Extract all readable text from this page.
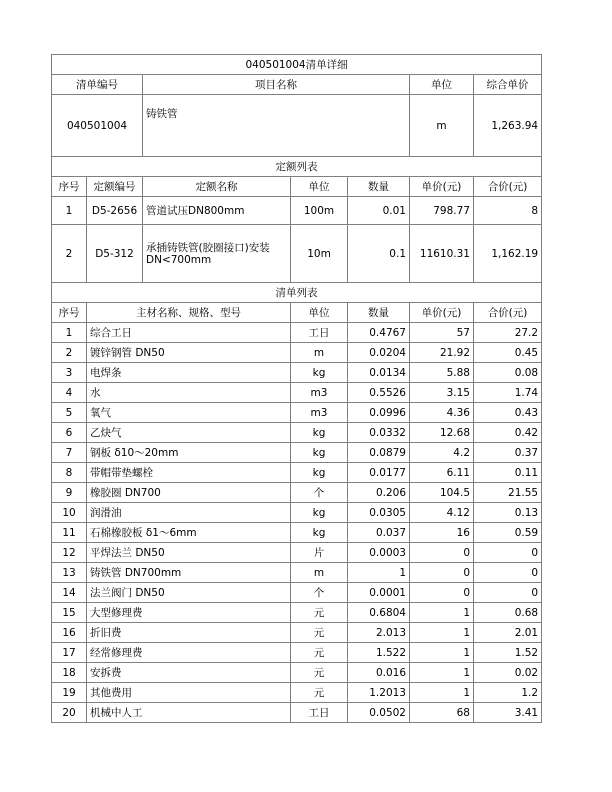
040501004清单详细						
清单编号		项目名称			单位	综合单价
040501004		铸铁管			m	1,263.94
定额列表						
序号	定额编号	定额名称	单位	数量	单价(元)	合价(元)
1	D5-2656	管道试压DN800mm	100m	0.01	798.77	8
2	D5-312	承插铸铁管(胶圈接口)安装 DN<700mm	10m	0.1	11610.31	1,162.19
清单列表						
序号	主材名称、规格、型号		单位	数量	单价(元)	合价(元)
1	综合工日		工日	0.4767	57	27.2
2	镀锌钢管 DN50		m	0.0204	21.92	0.45
3	电焊条		kg	0.0134	5.88	0.08
4	水		m3	0.5526	3.15	1.74
5	氧气		m3	0.0996	4.36	0.43
6	乙炔气		kg	0.0332	12.68	0.42
7	钢板 δ10～20mm		kg	0.0879	4.2	0.37
8	带帽带垫螺栓		kg	0.0177	6.11	0.11
9	橡胶圈 DN700		个	0.206	104.5	21.55
10	润滑油		kg	0.0305	4.12	0.13
11	石棉橡胶板 δ1～6mm		kg	0.037	16	0.59
12	平焊法兰 DN50		片	0.0003	0	0
13	铸铁管 DN700mm		m	1	0	0
14	法兰阀门 DN50		个	0.0001	0	0
15	大型修理费		元	0.6804	1	0.68
16	折旧费		元	2.013	1	2.01
17	经常修理费		元	1.522	1	1.52
18	安拆费		元	0.016	1	0.02
19	其他费用		元	1.2013	1	1.2
20	机械中人工		工日	0.0502	68	3.41
